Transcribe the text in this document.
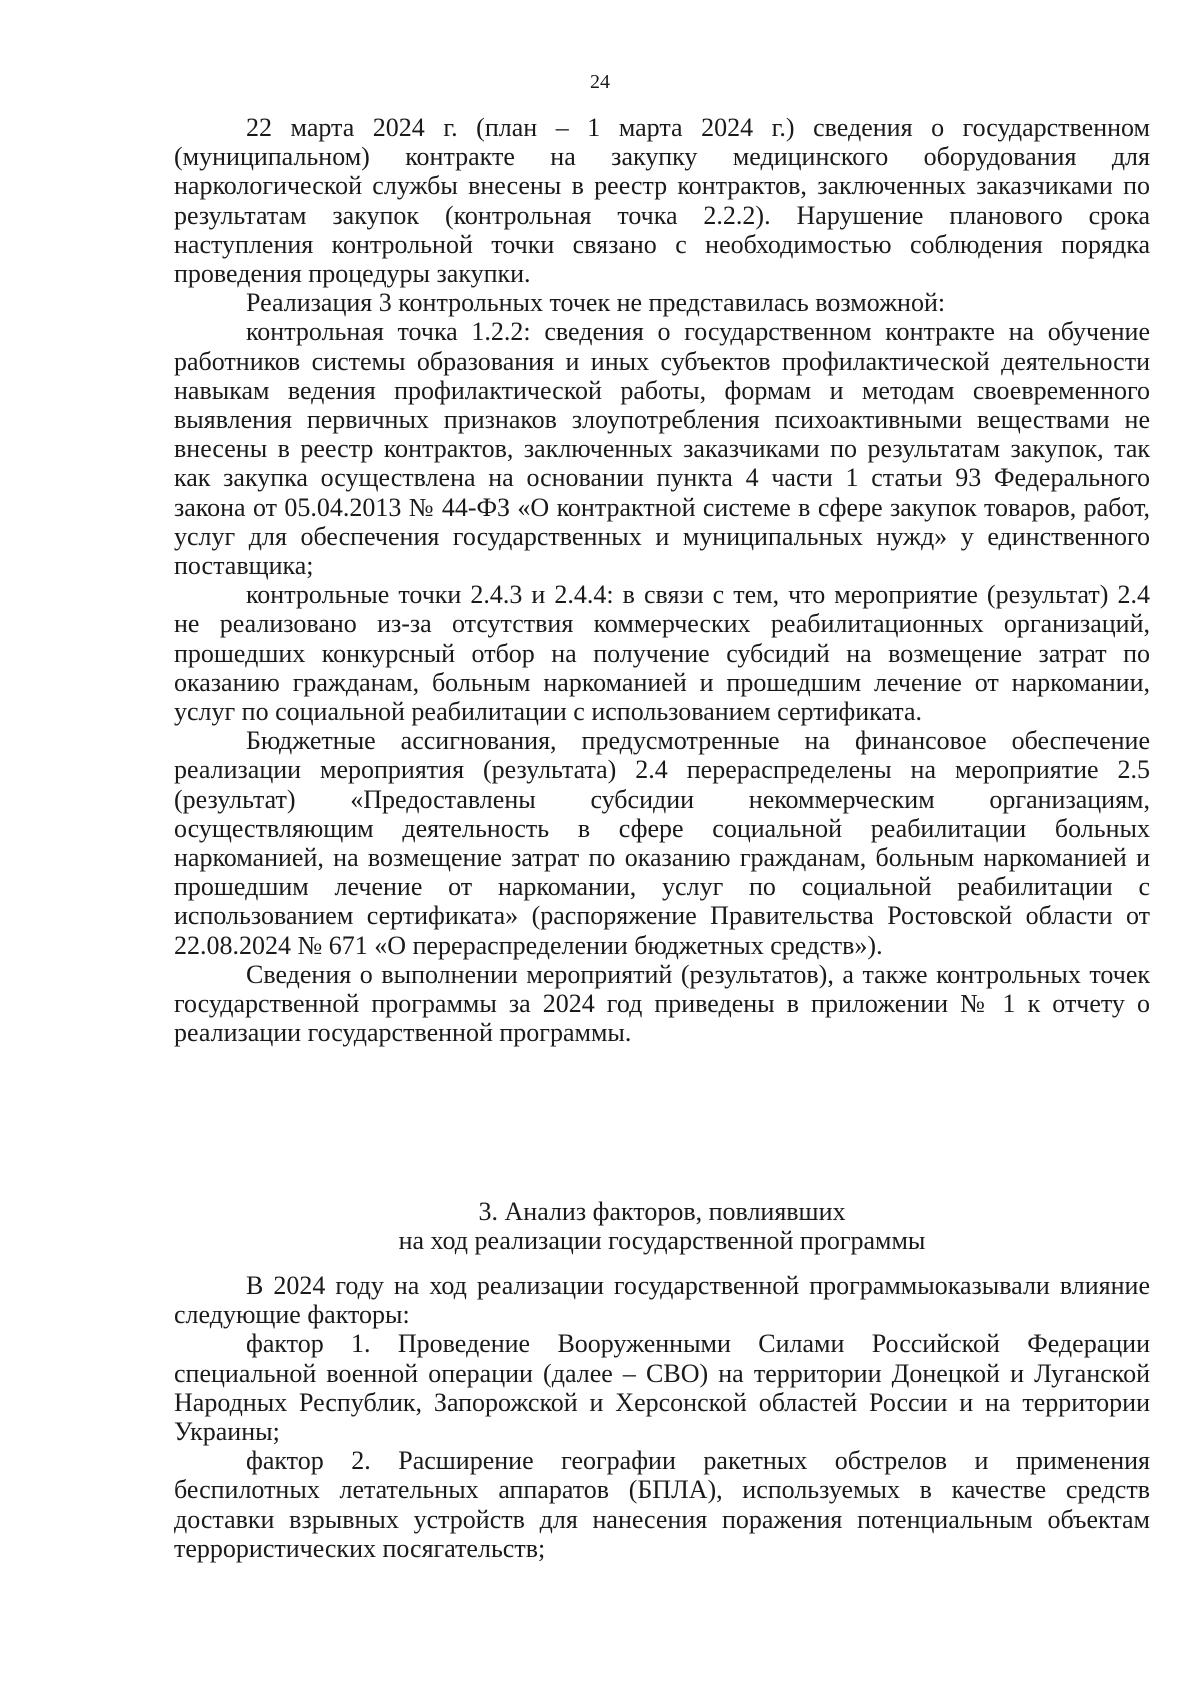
24

22 марта 2024 г. (план – 1 марта 2024 г.) сведения о государственном (муниципальном) контракте на закупку медицинского оборудования для наркологической службы внесены в реестр контрактов, заключенных заказчиками по результатам закупок (контрольная точка 2.2.2). Нарушение планового срока наступления контрольной точки связано с необходимостью соблюдения порядка проведения процедуры закупки.

Реализация 3 контрольных точек не представилась возможной:

контрольная точка 1.2.2: сведения о государственном контракте на обучение работников системы образования и иных субъектов профилактической деятельности навыкам ведения профилактической работы, формам и методам своевременного выявления первичных признаков злоупотребления психоактивными веществами не внесены в реестр контрактов, заключенных заказчиками по результатам закупок, так как закупка осуществлена на основании пункта 4 части 1 статьи 93 Федерального закона от 05.04.2013 № 44-ФЗ «О контрактной системе в сфере закупок товаров, работ, услуг для обеспечения государственных и муниципальных нужд» у единственного поставщика;

контрольные точки 2.4.3 и 2.4.4: в связи с тем, что мероприятие (результат) 2.4 не реализовано из-за отсутствия коммерческих реабилитационных организаций, прошедших конкурсный отбор на получение субсидий на возмещение затрат по оказанию гражданам, больным наркоманией и прошедшим лечение от наркомании, услуг по социальной реабилитации с использованием сертификата.

Бюджетные ассигнования, предусмотренные на финансовое обеспечение реализации мероприятия (результата) 2.4 перераспределены на мероприятие 2.5 (результат) «Предоставлены субсидии некоммерческим организациям, осуществляющим деятельность в сфере социальной реабилитации больных наркоманией, на возмещение затрат по оказанию гражданам, больным наркоманией и прошедшим лечение от наркомании, услуг по социальной реабилитации с использованием сертификата» (распоряжение Правительства Ростовской области от 22.08.2024 № 671 «О перераспределении бюджетных средств»).

Сведения о выполнении мероприятий (результатов), а также контрольных точек государственной программы за 2024 год приведены в приложении № 1 к отчету о реализации государственной программы.

3. Анализ факторов, повлиявших
на ход реализации государственной программы

В 2024 году на ход реализации государственной программыоказывали влияние следующие факторы:

фактор 1. Проведение Вооруженными Силами Российской Федерации специальной военной операции (далее – СВО) на территории Донецкой и Луганской Народных Республик, Запорожской и Херсонской областей России и на территории Украины;

фактор 2. Расширение географии ракетных обстрелов и применения беспилотных летательных аппаратов (БПЛА), используемых в качестве средств доставки взрывных устройств для нанесения поражения потенциальным объектам террористических посягательств;
